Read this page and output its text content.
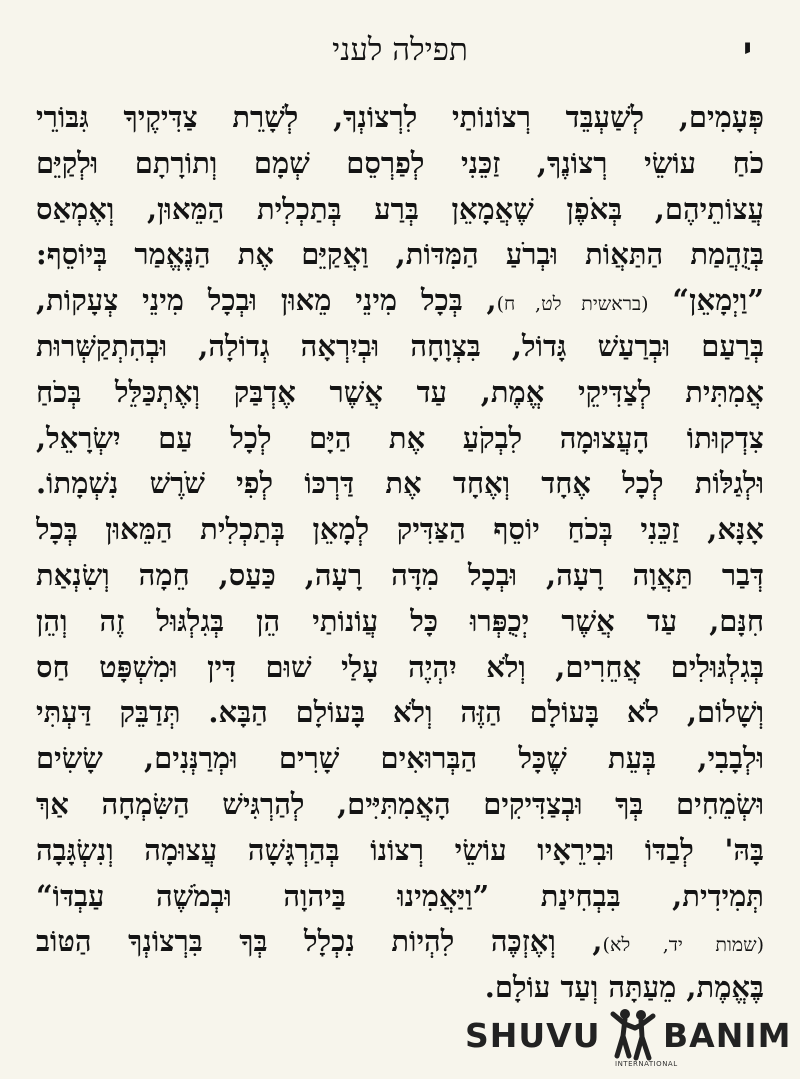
י
תפילה לעני
פְּעָמִים, לְשַׁעְבֵּד רְצוֹנוֹתַי לִרְצוֹנְךָ, לְשָׁרֵת צַדִּיקֶיךָ גִּבּוֹרֵי
כֹחַ עוֹשֵׂי רְצוֹנֶךָ, זַכֵּנִי לְפַרְסֵם שְׁמָם וְתוֹרָתָם וּלְקַיֵּם
עֲצוֹתֵיהֶם, בְּאֹפֶן שֶׁאֲמָאֵן בְּרַע בְּתַכְלִית הַמֵּאוּן, וְאֶמְאַס
בְּזֻהֲמַת הַתַּאֲוֹת וּבְרֹעַ הַמִּדּוֹת, וַאֲקַיֵּם אֶת הַנֶּאֱמַר בְּיוֹסֵף:
”וַיְמָאֵן“ (בראשית לט, ח), בְּכָל מִינֵי מֵאוּן וּבְכָל מִינֵי צְעָקוֹת,
בְּרַעַם וּבְרַעַשׁ גָּדוֹל, בִּצְוָחָה וּבְיִרְאָה גְדוֹלָה, וּבְהִתְקַשְּׁרוּת
אֲמִתִּית לְצַדִּיקֵי אֱמֶת, עַד אֲשֶׁר אֶדְבַּק וְאֶתְכַּלֵּל בְּכֹחַ
צִדְקוּתוֹ הָעֲצוּמָה לִבְקֹעַ אֶת הַיָּם לְכָל עַם יִשְׂרָאֵל,
וּלְגַלּוֹת לְכָל אֶחָד וְאֶחָד אֶת דַּרְכּוֹ לְפִי שֹׁרֶשׁ נִשְׁמָתוֹ.
אָנָּא, זַכֵּנִי בְּכֹחַ יוֹסֵף הַצַּדִּיק לְמָאֵן בְּתַכְלִית הַמֵּאוּן בְּכָל
דְּבַר תַּאֲוָה רָעָה, וּבְכָל מִדָּה רָעָה, כַּעַס, חֵמָה וְשִׂנְאַת
חִנָּם, עַד אֲשֶׁר יְכֻפְּרוּ כָּל עֲוֹנוֹתַי הֵן בְּגִלְגּוּל זֶה וְהֵן
בְּגִלְגּוּלִים אֲחֵרִים, וְלֹא יִהְיֶה עָלַי שׁוּם דִּין וּמִשְׁפָּט חַס
וְשָׁלוֹם, לֹא בָּעוֹלָם הַזֶּה וְלֹא בָּעוֹלָם הַבָּא. תְּדַבֵּק דַּעְתִּי
וּלְבָבִי, בְּעֵת שֶׁכָּל הַבְּרוּאִים שָׁרִים וּמְרַנְּנִים, שָׂשִׂים
וּשְׂמֵחִים בְּךָ וּבְצַדִּיקִים הָאֲמִתִּיִּים, לְהַרְגִּישׁ הַשִּׂמְחָה אַךְ
בָּהּ' לְבַדּוֹ וּבִירֵאָיו עוֹשֵׂי רְצוֹנוֹ בְּהַרְגָּשָׁה עֲצוּמָה וְנִשְׂגָּבָה
תְּמִידִית, בִּבְחִינַת ”וַיַּאֲמִינוּ בַּיהוָה וּבְמֹשֶׁה עַבְדּוֹ“
(שמות יד, לא), וְאֶזְכֶּה לִהְיוֹת נִכְלָל בְּךָ בִּרְצוֹנְךָ הַטּוֹב
בֶּאֱמֶת, מֵעַתָּה וְעַד עוֹלָם.
SHUVU BANIM
INTERNATIONAL
